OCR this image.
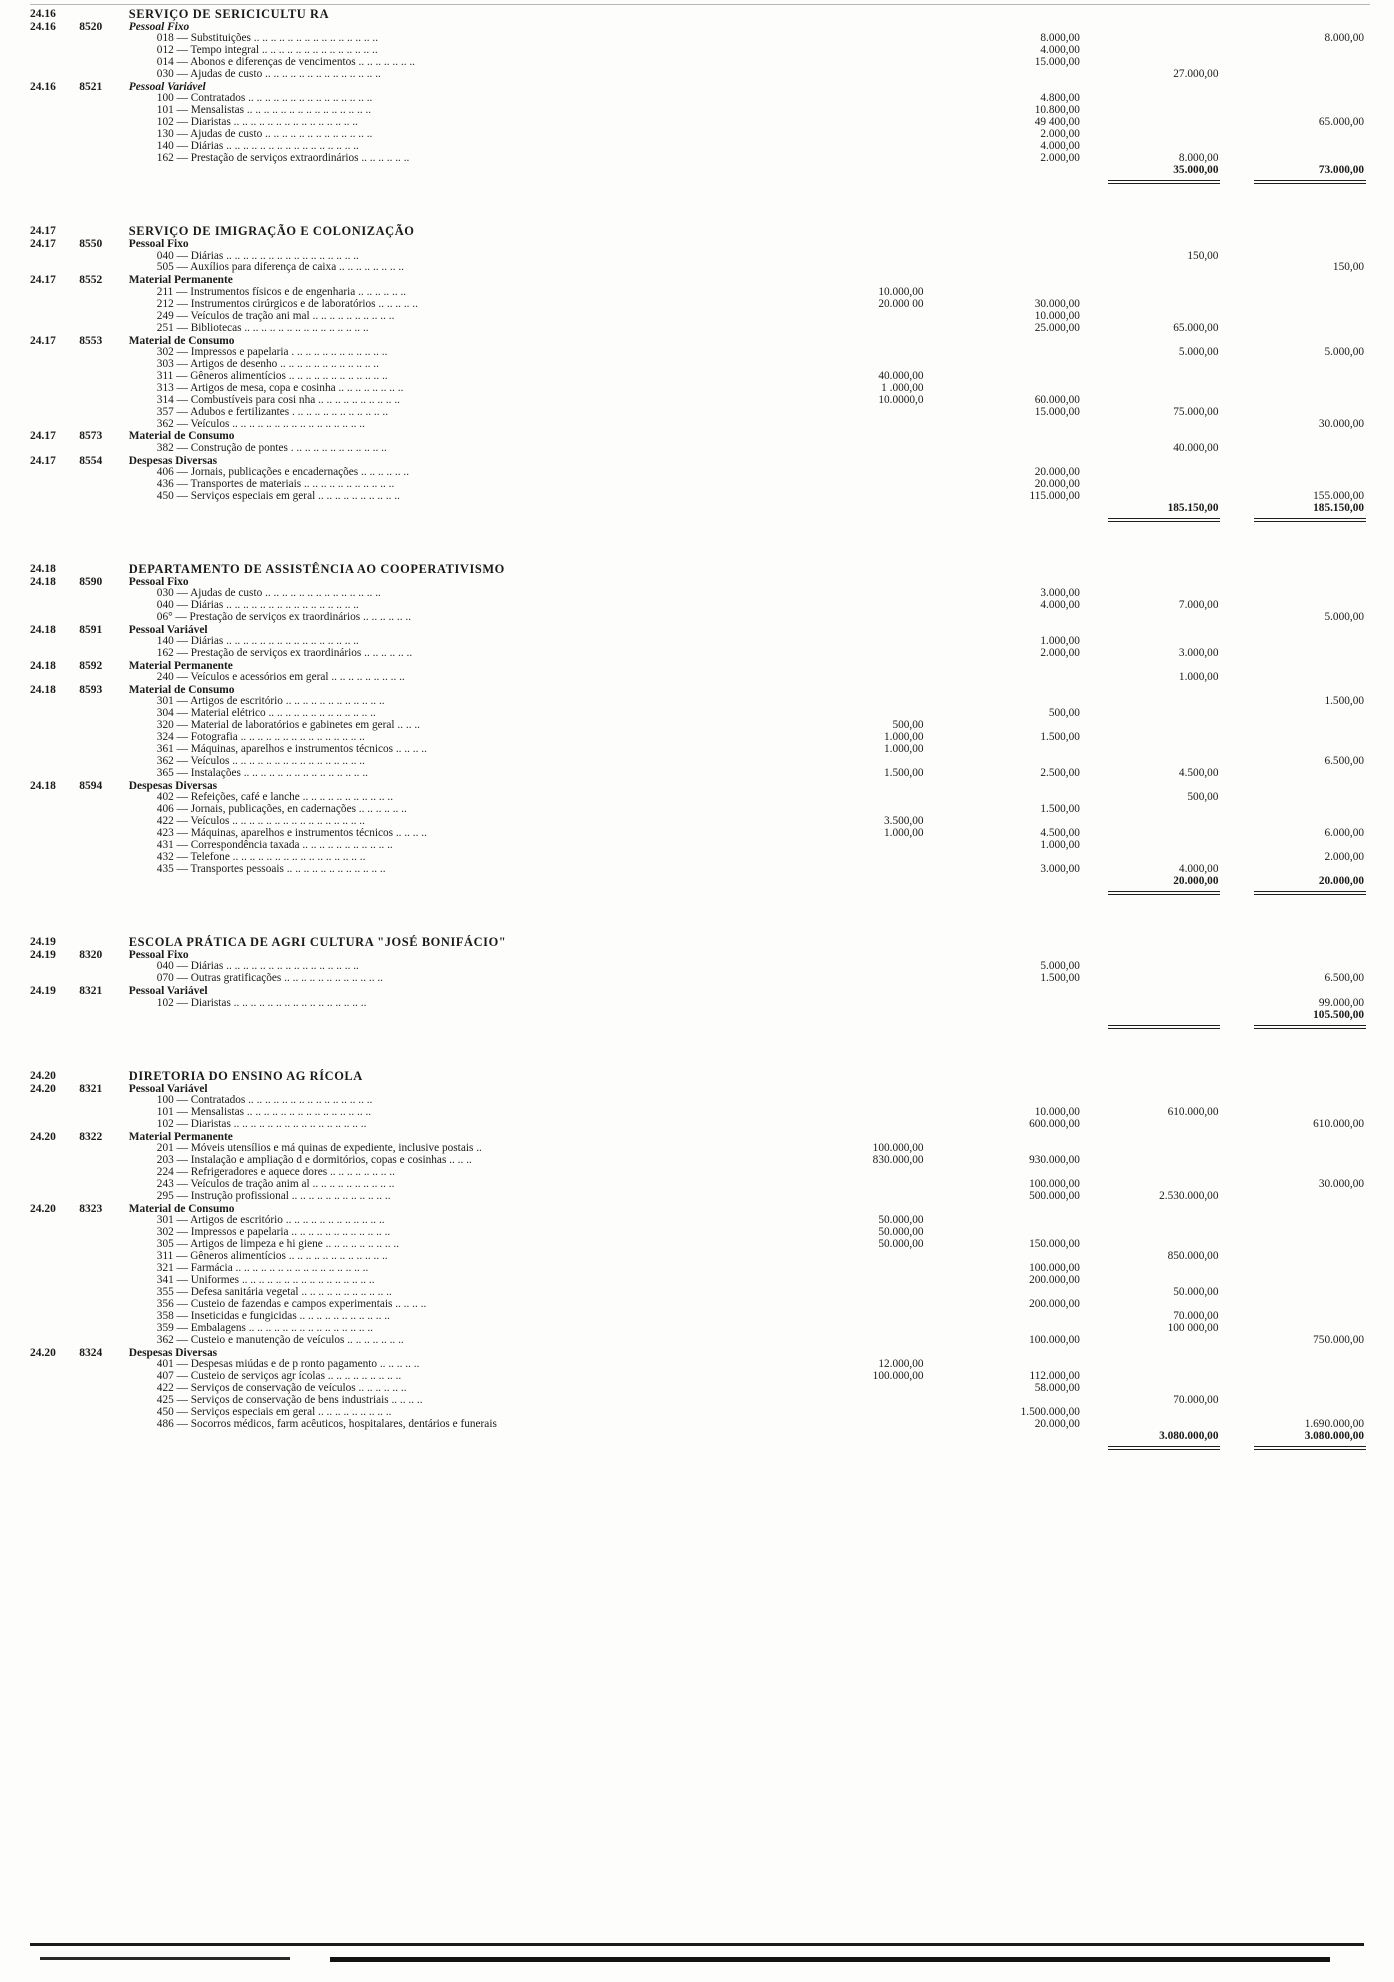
24.16		SERVIÇO DE SERICICULTU RA				
24.16	8520	Pessoal Fixo				
		018 — Substituições .. .. .. .. .. .. .. .. .. .. .. .. .. .. ..		8.000,00		8.000,00
		012 — Tempo integral .. .. .. .. .. .. .. .. .. .. .. .. .. ..		4.000,00		
		014 — Abonos e diferenças de vencimentos .. .. .. .. .. .. ..		15.000,00		
		030 — Ajudas de custo .. .. .. .. .. .. .. .. .. .. .. .. .. ..			27.000,00	
24.16	8521	Pessoal Variável				
		100 — Contratados .. .. .. .. .. .. .. .. .. .. .. .. .. .. ..		4.800,00		
		101 — Mensalistas .. .. .. .. .. .. .. .. .. .. .. .. .. .. ..		10.800,00		
		102 — Diaristas .. .. .. .. .. .. .. .. .. .. .. .. .. .. ..		49 400,00		65.000,00
		130 — Ajudas de custo .. .. .. .. .. .. .. .. .. .. .. .. ..		2.000,00		
		140 — Diárias .. .. .. .. .. .. .. .. .. .. .. .. .. .. .. ..		4.000,00		
		162 — Prestação de serviços extraordinários .. .. .. .. .. ..		2.000,00	8.000,00	
					35.000,00	73.000,00

24.17		SERVIÇO DE IMIGRAÇÃO E COLONIZAÇÃO				
24.17	8550	Pessoal Fixo				
		040 — Diárias .. .. .. .. .. .. .. .. .. .. .. .. .. .. .. ..			150,00	
		505 — Auxílios para diferença de caixa .. .. .. .. .. .. .. ..				150,00
24.17	8552	Material Permanente				
		211 — Instrumentos físicos e de engenharia .. .. .. .. .. ..	10.000,00			
		212 — Instrumentos cirúrgicos e de laboratórios .. .. .. .. ..	20.000 00	30.000,00		
		249 — Veículos de tração ani mal .. .. .. .. .. .. .. .. .. ..		10.000,00		
		251 — Bibliotecas .. .. .. .. .. .. .. .. .. .. .. .. .. .. ..		25.000,00	65.000,00	
24.17	8553	Material de Consumo				
		302 — Impressos e papelaria . .. .. .. .. .. .. .. .. .. .. ..			5.000,00	5.000,00
		303 — Artigos de desenho .. .. .. .. .. .. .. .. .. .. .. ..				
		311 — Gêneros alimentícios .. .. .. .. .. .. .. .. .. .. .. ..	40.000,00			
		313 — Artigos de mesa, copa e cosinha .. .. .. .. .. .. .. ..	1 .000,00			
		314 — Combustíveis para cosi nha .. .. .. .. .. .. .. .. .. ..	10.0000,0	60.000,00		
		357 — Adubos e fertilizantes . .. .. .. .. .. .. .. .. .. .. ..		15.000,00	75.000,00	
		362 — Veículos .. .. .. .. .. .. .. .. .. .. .. .. .. .. .. ..				30.000,00
24.17	8573	Material de Consumo				
		382 — Construção de pontes . .. .. .. .. .. .. .. .. .. .. ..			40.000,00	
24.17	8554	Despesas Diversas				
		406 — Jornais, publicações e encadernações .. .. .. .. .. ..		20.000,00		
		436 — Transportes de materiais .. .. .. .. .. .. .. .. .. .. ..		20.000,00		
		450 — Serviços especiais em geral .. .. .. .. .. .. .. .. .. ..		115.000,00		155.000,00
					185.150,00	185.150,00

24.18		DEPARTAMENTO DE ASSISTÊNCIA AO COOPERATIVISMO				
24.18	8590	Pessoal Fixo				
		030 — Ajudas de custo .. .. .. .. .. .. .. .. .. .. .. .. .. ..		3.000,00		
		040 — Diárias .. .. .. .. .. .. .. .. .. .. .. .. .. .. .. ..		4.000,00	7.000,00	
		06° — Prestação de serviços ex traordinários .. .. .. .. .. ..				5.000,00
24.18	8591	Pessoal Variável				
		140 — Diárias .. .. .. .. .. .. .. .. .. .. .. .. .. .. .. ..		1.000,00		
		162 — Prestação de serviços ex traordinários .. .. .. .. .. ..		2.000,00	3.000,00	
24.18	8592	Material Permanente				
		240 — Veículos e acessórios em geral .. .. .. .. .. .. .. .. ..			1.000,00	
24.18	8593	Material de Consumo				
		301 — Artigos de escritório .. .. .. .. .. .. .. .. .. .. .. ..				1.500,00
		304 — Material elétrico .. .. .. .. .. .. .. .. .. .. .. .. ..		500,00		
		320 — Material de laboratórios e gabinetes em geral .. .. ..	500,00			
		324 — Fotografia .. .. .. .. .. .. .. .. .. .. .. .. .. .. ..	1.000,00	1.500,00		
		361 — Máquinas, aparelhos e instrumentos técnicos .. .. .. ..	1.000,00			
		362 — Veículos .. .. .. .. .. .. .. .. .. .. .. .. .. .. .. ..				6.500,00
		365 — Instalações .. .. .. .. .. .. .. .. .. .. .. .. .. .. ..	1.500,00	2.500,00	4.500,00	
24.18	8594	Despesas Diversas				
		402 — Refeições, café e lanche .. .. .. .. .. .. .. .. .. .. ..			500,00	
		406 — Jornais, publicações, en cadernações .. .. .. .. .. ..		1.500,00		
		422 — Veículos .. .. .. .. .. .. .. .. .. .. .. .. .. .. .. ..	3.500,00			
		423 — Máquinas, aparelhos e instrumentos técnicos .. .. .. ..	1.000,00	4.500,00		6.000,00
		431 — Correspondência taxada .. .. .. .. .. .. .. .. .. .. ..		1.000,00		
		432 — Telefone .. .. .. .. .. .. .. .. .. .. .. .. .. .. .. ..				2.000,00
		435 — Transportes pessoais .. .. .. .. .. .. .. .. .. .. .. ..		3.000,00	4.000,00	
					20.000,00	20.000,00

24.19		ESCOLA PRÁTICA DE AGRI CULTURA "JOSÉ BONIFÁCIO"				
24.19	8320	Pessoal Fixo				
		040 — Diárias .. .. .. .. .. .. .. .. .. .. .. .. .. .. .. ..		5.000,00		
		070 — Outras gratificações .. .. .. .. .. .. .. .. .. .. .. ..		1.500,00		6.500,00
24.19	8321	Pessoal Variável				
		102 — Diaristas .. .. .. .. .. .. .. .. .. .. .. .. .. .. .. ..				99.000,00
						105.500,00

24.20		DIRETORIA DO ENSINO AG RÍCOLA				
24.20	8321	Pessoal Variável				
		100 — Contratados .. .. .. .. .. .. .. .. .. .. .. .. .. .. ..				
		101 — Mensalistas .. .. .. .. .. .. .. .. .. .. .. .. .. .. ..		10.000,00	610.000,00	
		102 — Diaristas .. .. .. .. .. .. .. .. .. .. .. .. .. .. .. ..		600.000,00		610.000,00
24.20	8322	Material Permanente				
		201 — Móveis utensílios e má quinas de expediente, inclusive postais ..	100.000,00			
		203 — Instalação e ampliação d e dormitórios, copas e cosinhas .. .. ..	830.000,00	930.000,00		
		224 — Refrigeradores e aquece dores .. .. .. .. .. .. .. ..				
		243 — Veículos de tração anim al .. .. .. .. .. .. .. .. .. ..		100.000,00		30.000,00
		295 — Instrução profissional .. .. .. .. .. .. .. .. .. .. .. ..		500.000,00	2.530.000,00	
24.20	8323	Material de Consumo				
		301 — Artigos de escritório .. .. .. .. .. .. .. .. .. .. .. ..	50.000,00			
		302 — Impressos e papelaria .. .. .. .. .. .. .. .. .. .. .. ..	50.000,00			
		305 — Artigos de limpeza e hi giene .. .. .. .. .. .. .. .. ..	50.000,00	150.000,00		
		311 — Gêneros alimentícios .. .. .. .. .. .. .. .. .. .. .. ..			850.000,00	
		321 — Farmácia .. .. .. .. .. .. .. .. .. .. .. .. .. .. .. ..		100.000,00		
		341 — Uniformes .. .. .. .. .. .. .. .. .. .. .. .. .. .. .. ..		200.000,00		
		355 — Defesa sanitária vegetal .. .. .. .. .. .. .. .. .. .. ..			50.000,00	
		356 — Custeio de fazendas e campos experimentais .. .. .. ..		200.000,00		
		358 — Inseticidas e fungicidas .. .. .. .. .. .. .. .. .. .. ..			70.000,00	
		359 — Embalagens .. .. .. .. .. .. .. .. .. .. .. .. .. .. ..			100 000,00	
		362 — Custeio e manutenção de veículos .. .. .. .. .. .. ..		100.000,00		750.000,00
24.20	8324	Despesas Diversas				
		401 — Despesas miúdas e de p ronto pagamento .. .. .. .. ..	12.000,00			
		407 — Custeio de serviços agr ícolas .. .. .. .. .. .. .. .. ..	100.000,00	112.000,00		
		422 — Serviços de conservação de veículos .. .. .. .. .. ..		58.000,00		
		425 — Serviços de conservação de bens industriais .. .. .. ..			70.000,00	
		450 — Serviços especiais em geral .. .. .. .. .. .. .. .. ..		1.500.000,00		
		486 — Socorros médicos, farm acêuticos, hospitalares, dentários e funerais		20.000,00		1.690.000,00
					3.080.000,00	3.080.000,00
